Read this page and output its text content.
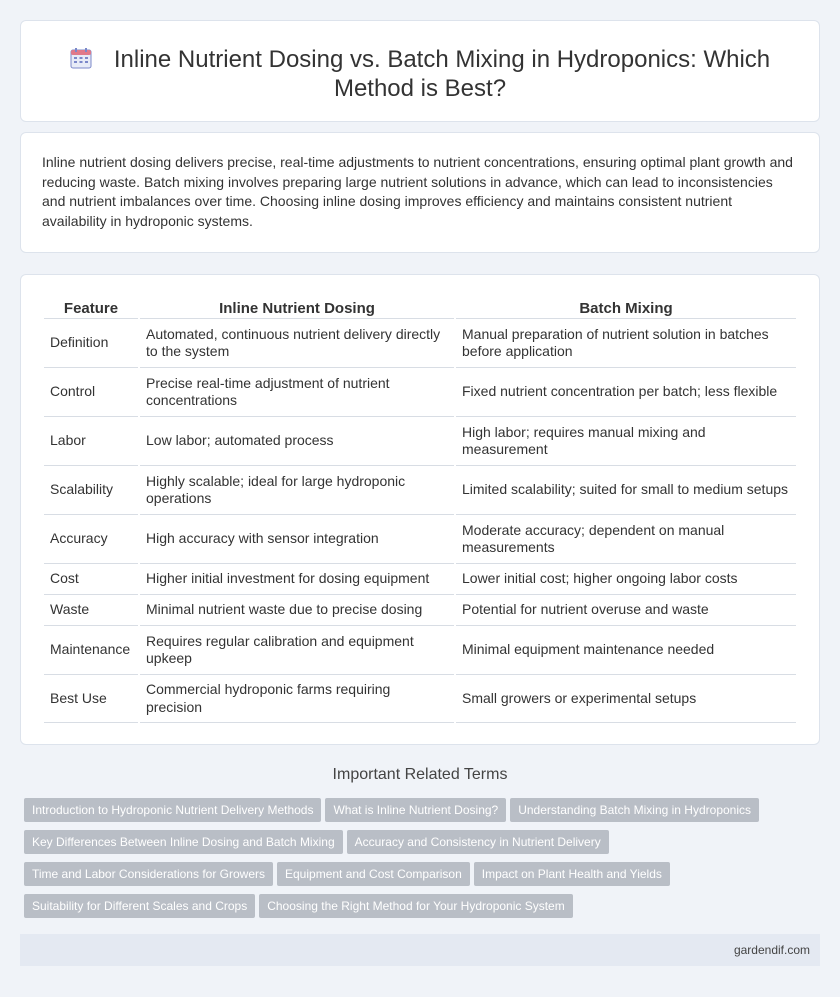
Inline Nutrient Dosing vs. Batch Mixing in Hydroponics: Which Method is Best?

Inline nutrient dosing delivers precise, real-time adjustments to nutrient concentrations, ensuring optimal plant growth and reducing waste. Batch mixing involves preparing large nutrient solutions in advance, which can lead to inconsistencies and nutrient imbalances over time. Choosing inline dosing improves efficiency and maintains consistent nutrient availability in hydroponic systems.

Feature	Inline Nutrient Dosing	Batch Mixing
Definition	Automated, continuous nutrient delivery directly to the system	Manual preparation of nutrient solution in batches before application
Control	Precise real-time adjustment of nutrient concentrations	Fixed nutrient concentration per batch; less flexible
Labor	Low labor; automated process	High labor; requires manual mixing and measurement
Scalability	Highly scalable; ideal for large hydroponic operations	Limited scalability; suited for small to medium setups
Accuracy	High accuracy with sensor integration	Moderate accuracy; dependent on manual measurements
Cost	Higher initial investment for dosing equipment	Lower initial cost; higher ongoing labor costs
Waste	Minimal nutrient waste due to precise dosing	Potential for nutrient overuse and waste
Maintenance	Requires regular calibration and equipment upkeep	Minimal equipment maintenance needed
Best Use	Commercial hydroponic farms requiring precision	Small growers or experimental setups
Important Related Terms
Introduction to Hydroponic Nutrient Delivery Methods What is Inline Nutrient Dosing? Understanding Batch Mixing in Hydroponics
Key Differences Between Inline Dosing and Batch Mixing Accuracy and Consistency in Nutrient Delivery
Time and Labor Considerations for Growers Equipment and Cost Comparison Impact on Plant Health and Yields
Suitability for Different Scales and Crops Choosing the Right Method for Your Hydroponic System
gardendif.com
